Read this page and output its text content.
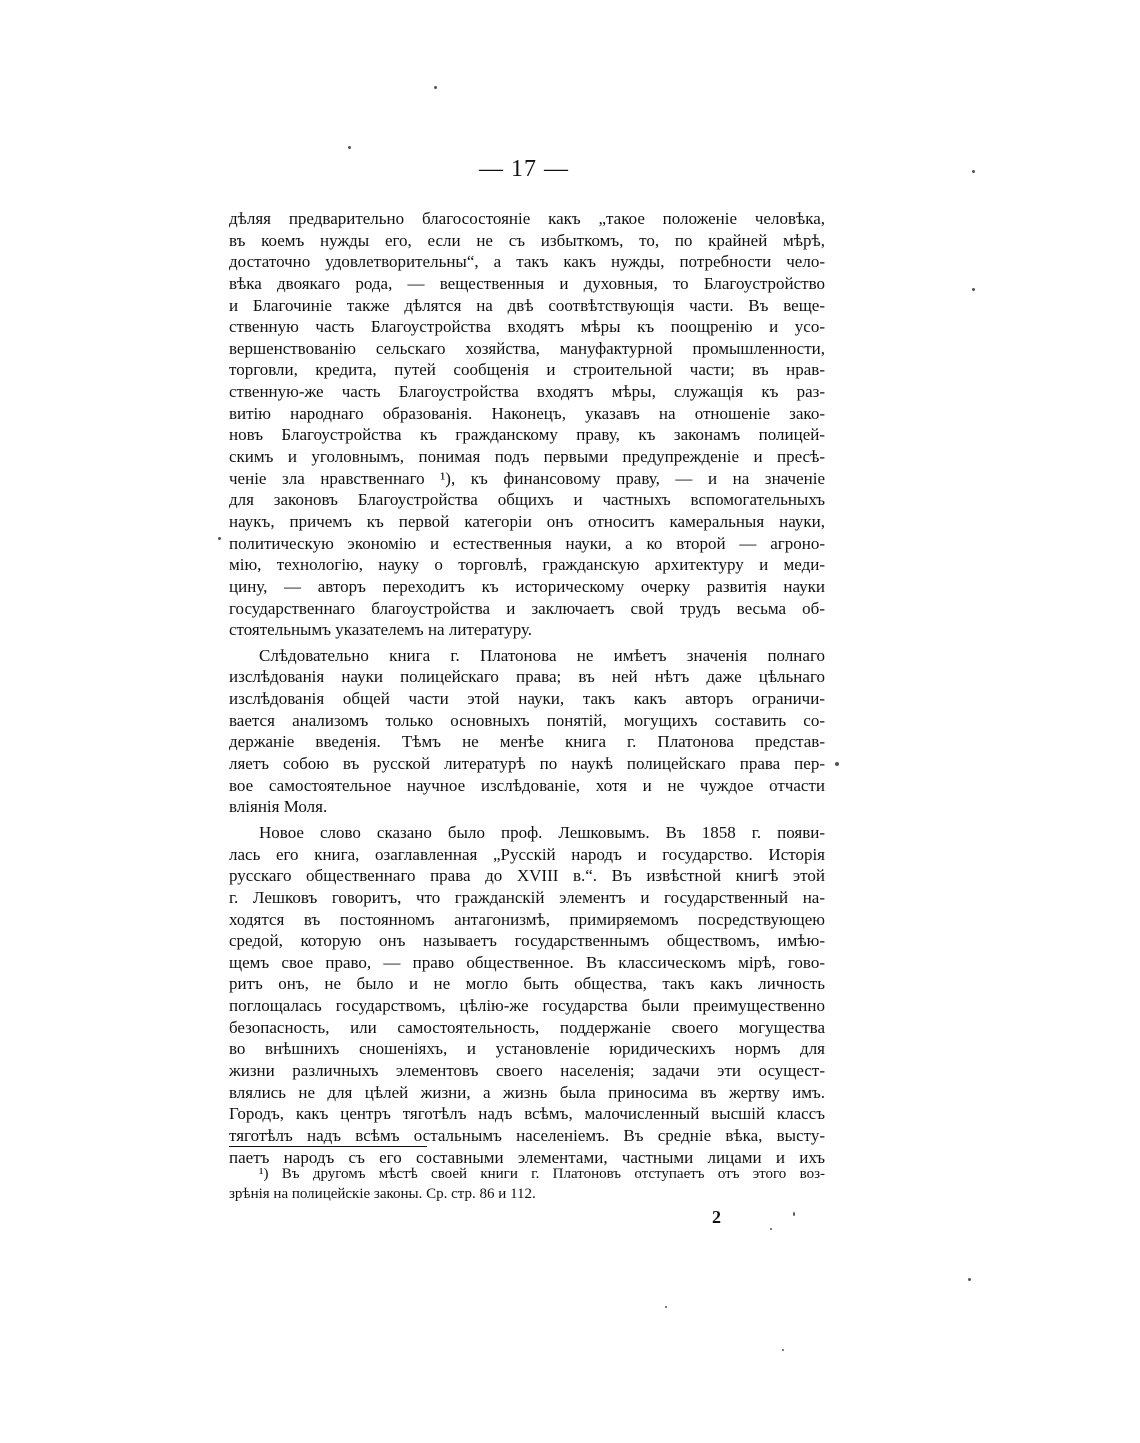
— 17 —
дѣляя предварительно благосостояніе какъ „такое положеніе человѣка,
въ коемъ нужды его, если не съ избыткомъ, то, по крайней мѣрѣ,
достаточно удовлетворительны“, а такъ какъ нужды, потребности чело-
вѣка двоякаго рода, — вещественныя и духовныя, то Благоустройство
и Благочиніе также дѣлятся на двѣ соотвѣтствующія части. Въ веще-
ственную часть Благоустройства входятъ мѣры къ поощренію и усо-
вершенствованію сельскаго хозяйства, мануфактурной промышленности,
торговли, кредита, путей сообщенія и строительной части; въ нрав-
ственную-же часть Благоустройства входятъ мѣры, служащія къ раз-
витію народнаго образованія. Наконецъ, указавъ на отношеніе зако-
новъ Благоустройства къ гражданскому праву, къ законамъ полицей-
скимъ и уголовнымъ, понимая подъ первыми предупрежденіе и пресѣ-
ченіе зла нравственнаго ¹), къ финансовому праву, — и на значеніе
для законовъ Благоустройства общихъ и частныхъ вспомогательныхъ
наукъ, причемъ къ первой категоріи онъ относитъ камеральныя науки,
политическую экономію и естественныя науки, а ко второй — агроно-
мію, технологію, науку о торговлѣ, гражданскую архитектуру и меди-
цину, — авторъ переходитъ къ историческому очерку развитія науки
государственнаго благоустройства и заключаетъ свой трудъ весьма об-
стоятельнымъ указателемъ на литературу.
Слѣдовательно книга г. Платонова не имѣетъ значенія полнаго
изслѣдованія науки полицейскаго права; въ ней нѣтъ даже цѣльнаго
изслѣдованія общей части этой науки, такъ какъ авторъ ограничи-
вается анализомъ только основныхъ понятій, могущихъ составить со-
держаніе введенія. Тѣмъ не менѣе книга г. Платонова представ-
ляетъ собою въ русской литературѣ по наукѣ полицейскаго права пер-
вое самостоятельное научное изслѣдованіе, хотя и не чуждое отчасти
вліянія Моля.
Новое слово сказано было проф. Лешковымъ. Въ 1858 г. появи-
лась его книга, озаглавленная „Русскій народъ и государство. Исторія
русскаго общественнаго права до XVIII в.“. Въ извѣстной книгѣ этой
г. Лешковъ говоритъ, что гражданскій элементъ и государственный на-
ходятся въ постоянномъ антагонизмѣ, примиряемомъ посредствующею
средой, которую онъ называетъ государственнымъ обществомъ, имѣю-
щемъ свое право, — право общественное. Въ классическомъ мірѣ, гово-
ритъ онъ, не было и не могло быть общества, такъ какъ личность
поглощалась государствомъ, цѣлію-же государства были преимущественно
безопасность, или самостоятельность, поддержаніе своего могущества
во внѣшнихъ сношеніяхъ, и установленіе юридическихъ нормъ для
жизни различныхъ элементовъ своего населенія; задачи эти осущест-
влялись не для цѣлей жизни, а жизнь была приносима въ жертву имъ.
Городъ, какъ центръ тяготѣлъ надъ всѣмъ, малочисленный высшій классъ
тяготѣлъ надъ всѣмъ остальнымъ населеніемъ. Въ средніе вѣка, высту-
паетъ народъ съ его составными элементами, частными лицами и ихъ
¹) Въ другомъ мѣстѣ своей книги г. Платоновъ отступаетъ отъ этого воз-
зрѣнія на полицейскіе законы. Ср. стр. 86 и 112.
2
